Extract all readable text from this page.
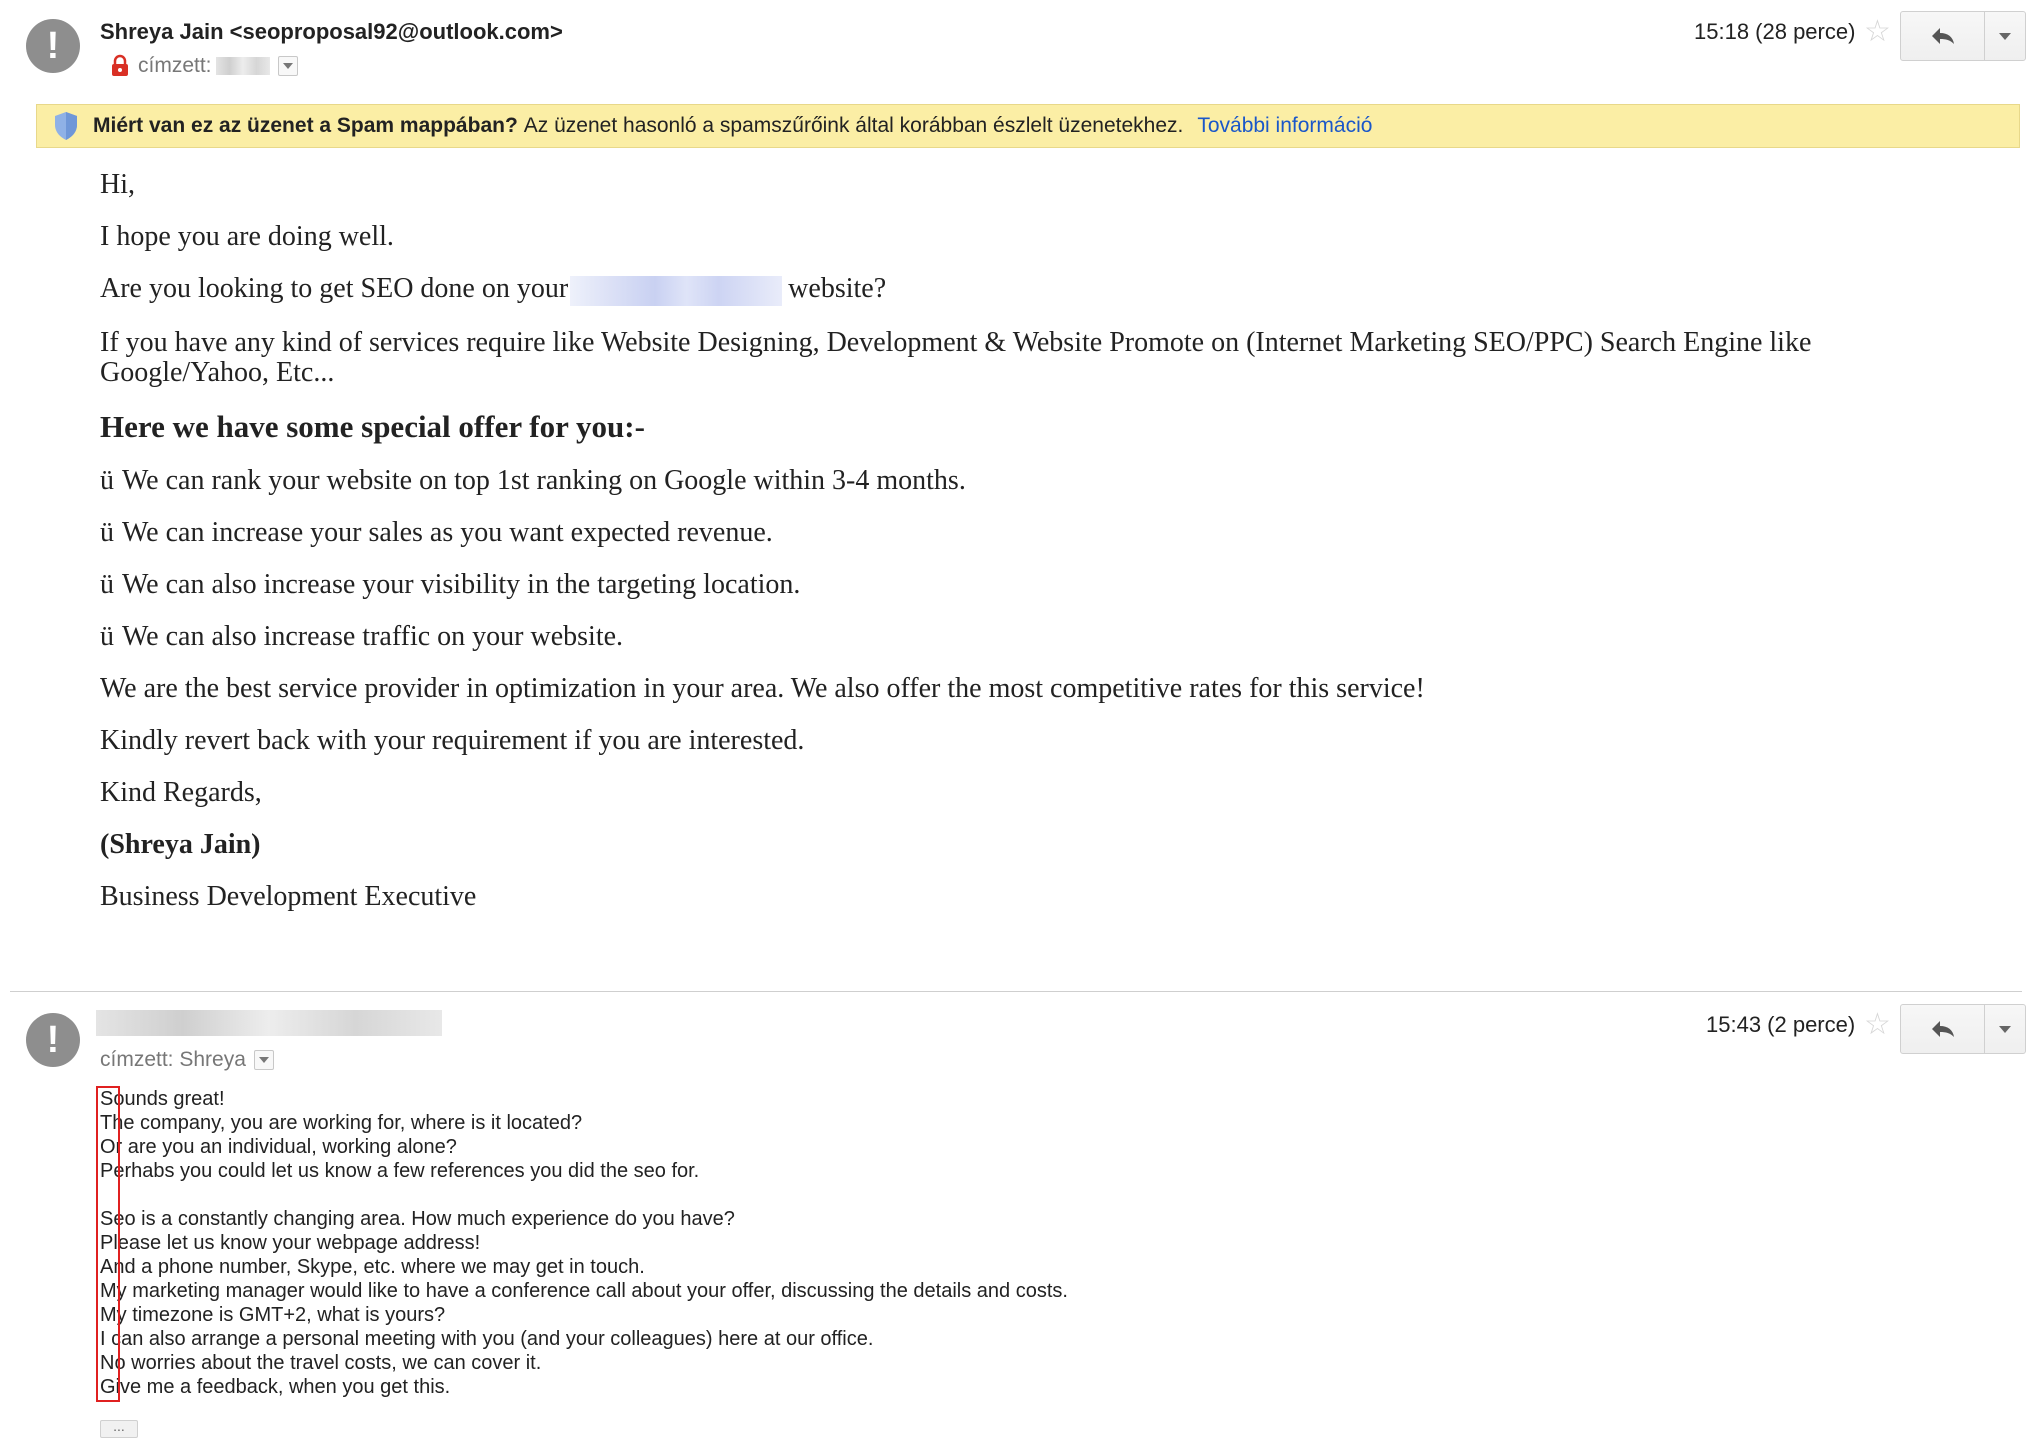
!	Shreya Jain <seoproposal92@outlook.com>
címzett:
15:18 (28 perce) ☆
Miért van ez az üzenet a Spam mappában? Az üzenet hasonló a spamszűrőink által korábban észlelt üzenetekhez. További információ

Hi,

I hope you are doing well.

Are you looking to get SEO done on your	website?

If you have any kind of services require like Website Designing, Development & Website Promote on (Internet Marketing SEO/PPC) Search Engine like Google/Yahoo, Etc...

Here we have some special offer for you:-

ü We can rank your website on top 1st ranking on Google within 3-4 months.

ü We can increase your sales as you want expected revenue.

ü We can also increase your visibility in the targeting location.

ü We can also increase traffic on your website.

We are the best service provider in optimization in your area. We also offer the most competitive rates for this service!

Kindly revert back with your requirement if you are interested.

Kind Regards,

(Shreya Jain)

Business Development Executive

!	címzett: Shreya
15:43 (2 perce) ☆
Sounds great!
The company, you are working for, where is it located?
Or are you an individual, working alone?
Perhabs you could let us know a few references you did the seo for.
Seo is a constantly changing area. How much experience do you have?
Please let us know your webpage address!
And a phone number, Skype, etc. where we may get in touch.
My marketing manager would like to have a conference call about your offer, discussing the details and costs.
My timezone is GMT+2, what is yours?
I can also arrange a personal meeting with you (and your colleagues) here at our office.
No worries about the travel costs, we can cover it.
Give me a feedback, when you get this.
...
